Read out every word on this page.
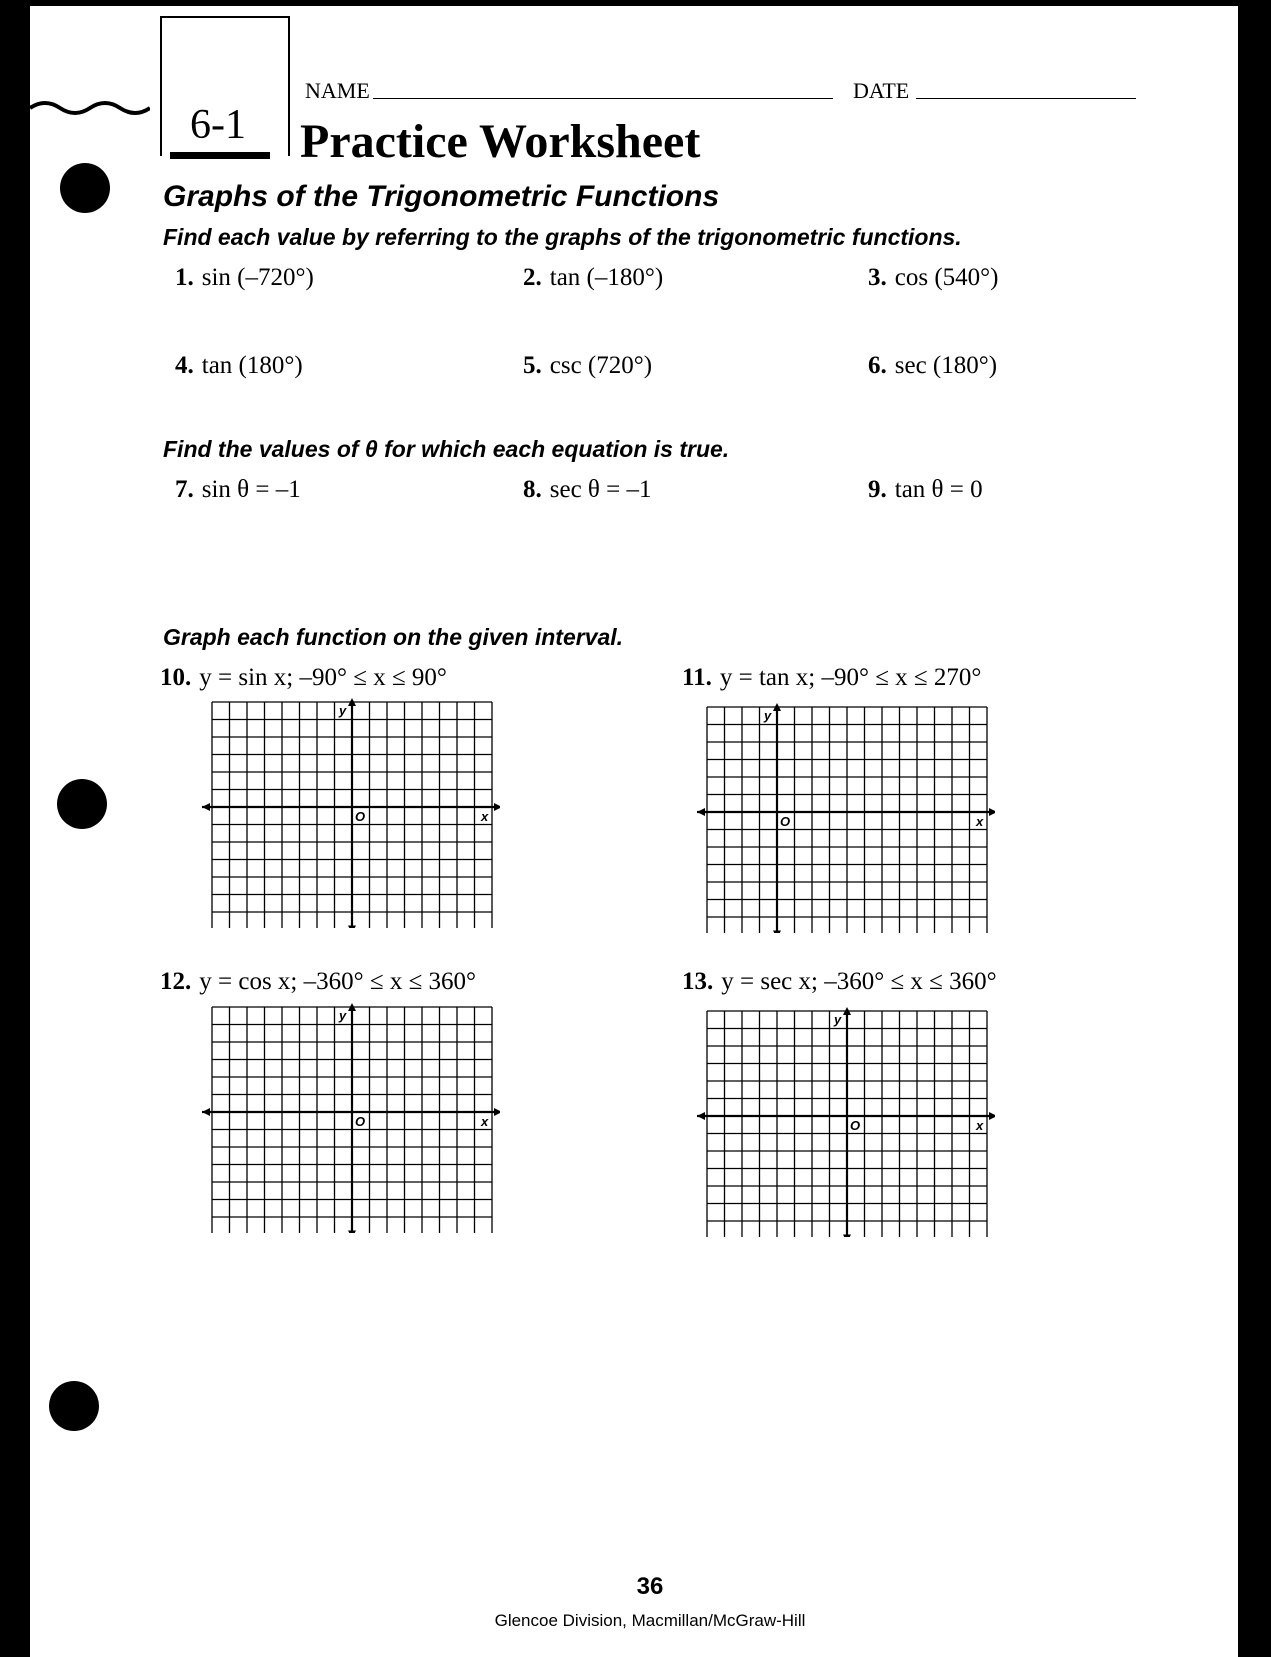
6-1
NAME	DATE
Practice Worksheet
Graphs of the Trigonometric Functions
Find each value by referring to the graphs of the trigonometric functions.
1. sin (–720°)	2. tan (–180°)	3. cos (540°)
4. tan (180°)	5. csc (720°)	6. sec (180°)
Find the values of θ for which each equation is true.
7. sin θ = –1	8. sec θ = –1	9. tan θ = 0
Graph each function on the given interval.
10. y = sin x; –90° ≤ x ≤ 90°	11. y = tan x; –90° ≤ x ≤ 270°
12. y = cos x; –360° ≤ x ≤ 360°	13. y = sec x; –360° ≤ x ≤ 360°
y
x
O
y
x
O
y
x
O
y
x
O
36
Glencoe Division, Macmillan/McGraw-Hill
